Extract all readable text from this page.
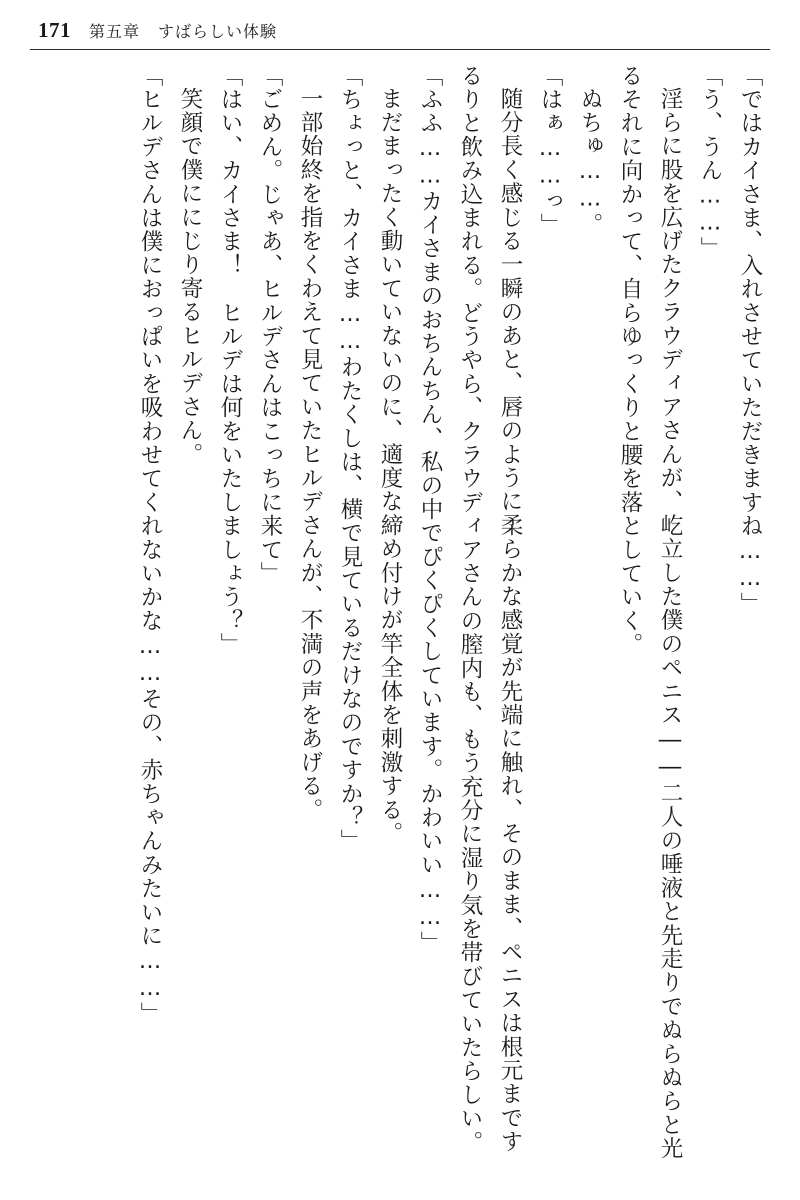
171 第五章 すばらしい体験

「ではカイさま、入れさせていただきますね……」

「う、うん……」

淫らに股を広げたクラウディアさんが、屹立した僕のペニス――二人の唾液と先走りでぬらぬらと光るそれに向かって、自らゆっくりと腰を落としていく。

ぬちゅ……。

「はぁ……っ」

随分長く感じる一瞬のあと、唇のように柔らかな感覚が先端に触れ、そのまま、ペニスは根元までするりと飲み込まれる。どうやら、クラウディアさんの膣内も、もう充分に湿り気を帯びていたらしい。

「ふふ……カイさまのおちんちん、私の中でぴくぴくしています。かわいい……」

まだまったく動いていないのに、適度な締め付けが竿全体を刺激する。

「ちょっと、カイさま……わたくしは、横で見ているだけなのですか？」

一部始終を指をくわえて見ていたヒルデさんが、不満の声をあげる。

「ごめん。じゃあ、ヒルデさんはこっちに来て」

「はい、カイさま！　ヒルデは何をいたしましょう？」

笑顔で僕ににじり寄るヒルデさん。

「ヒルデさんは僕におっぱいを吸わせてくれないかな……その、赤ちゃんみたいに……」
